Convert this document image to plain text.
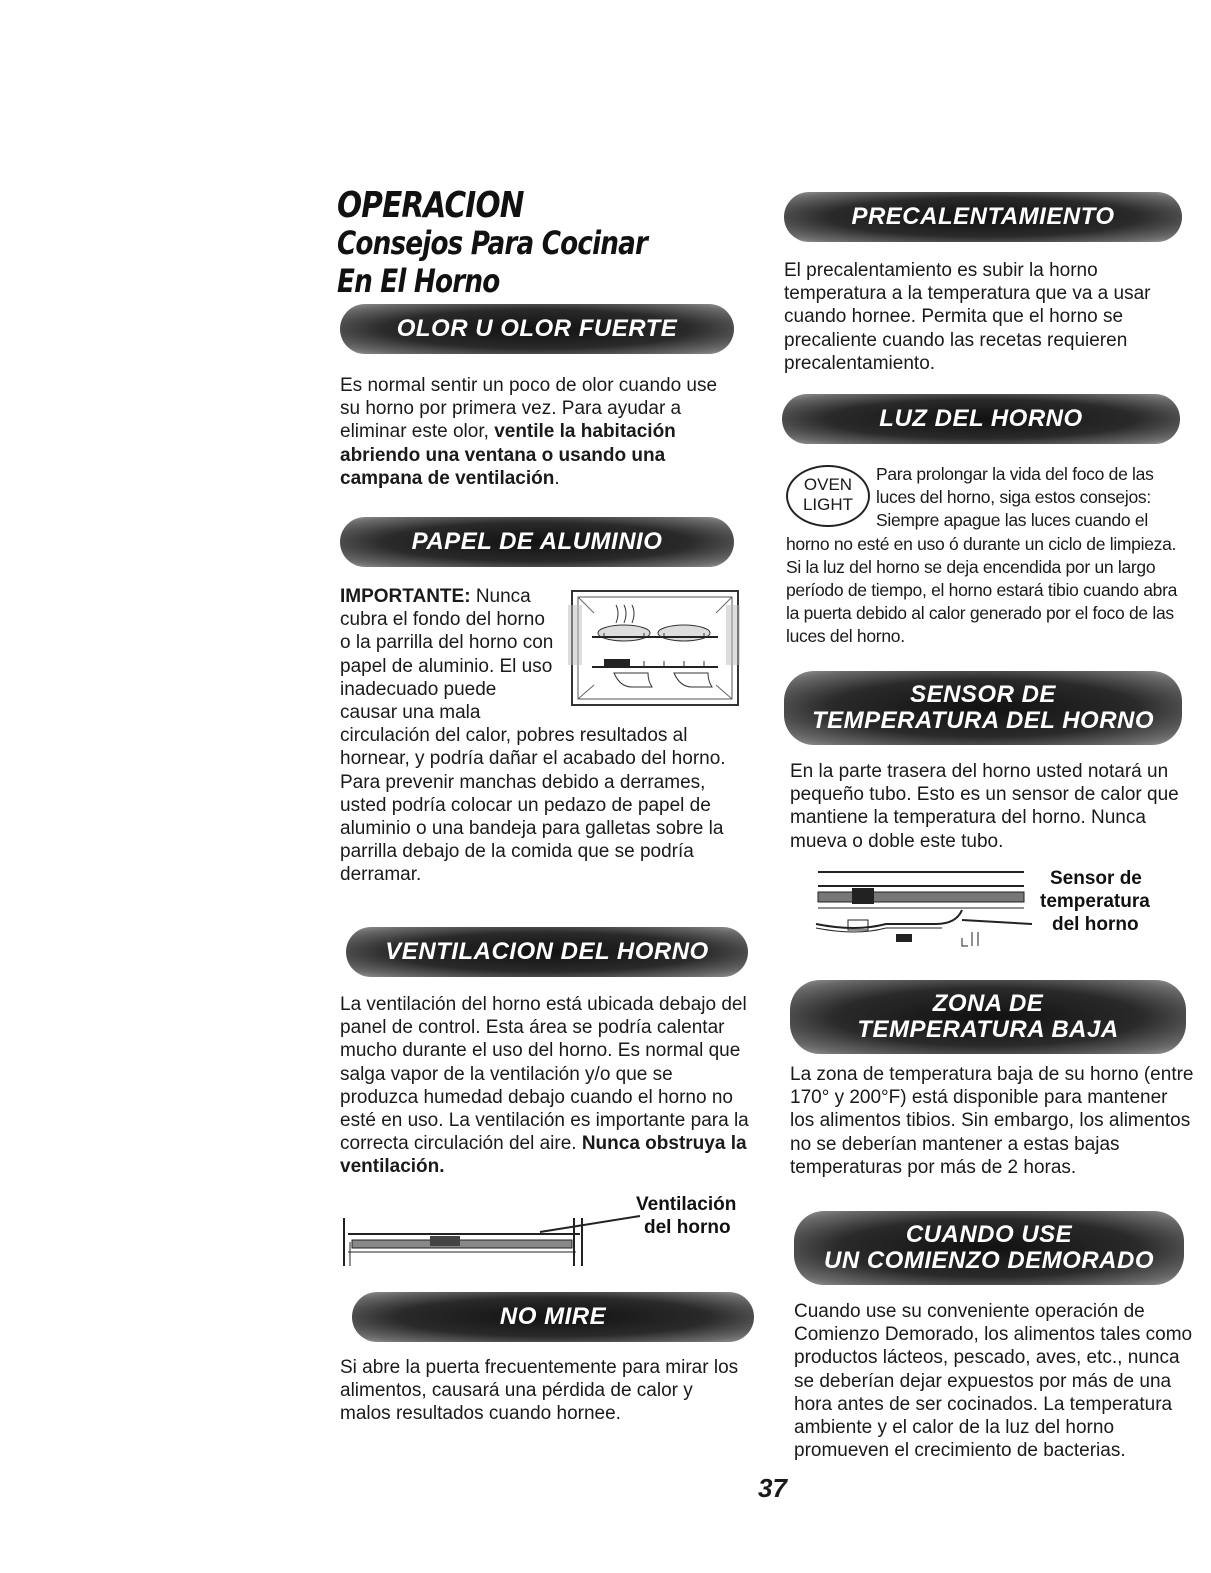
OPERACION
Consejos Para Cocinar
En El Horno
OLOR U OLOR FUERTE
Es normal sentir un poco de olor cuando use su horno por primera vez. Para ayudar a eliminar este olor, ventile la habitación abriendo una ventana o usando una campana de ventilación.
PAPEL DE ALUMINIO
IMPORTANTE: Nunca cubra el fondo del horno o la parrilla del horno con papel de aluminio. El uso inadecuado puede causar una mala circulación del calor, pobres resultados al hornear, y podría dañar el acabado del horno. Para prevenir manchas debido a derrames, usted podría colocar un pedazo de papel de aluminio o una bandeja para galletas sobre la parrilla debajo de la comida que se podría derramar.
VENTILACION DEL HORNO
La ventilación del horno está ubicada debajo del panel de control. Esta área se podría calentar mucho durante el uso del horno. Es normal que salga vapor de la ventilación y/o que se produzca humedad debajo cuando el horno no esté en uso. La ventilación es importante para la correcta circulación del aire. Nunca obstruya la ventilación.
Ventilación
del horno
NO MIRE
Si abre la puerta frecuentemente para mirar los alimentos, causará una pérdida de calor y malos resultados cuando hornee.
PRECALENTAMIENTO
El precalentamiento es subir la horno temperatura a la temperatura que va a usar cuando hornee. Permita que el horno se precaliente cuando las recetas requieren precalentamiento.
LUZ DEL HORNO
OVEN
LIGHT
Para prolongar la vida del foco de las luces del horno, siga estos consejos: Siempre apague las luces cuando el horno no esté en uso ó durante un ciclo de limpieza. Si la luz del horno se deja encendida por un largo período de tiempo, el horno estará tibio cuando abra la puerta debido al calor generado por el foco de las luces del horno.
SENSOR DE
TEMPERATURA DEL HORNO
En la parte trasera del horno usted notará un pequeño tubo. Esto es un sensor de calor que mantiene la temperatura del horno. Nunca mueva o doble este tubo.
Sensor de
temperatura
del horno
ZONA DE
TEMPERATURA BAJA
La zona de temperatura baja de su horno (entre 170° y 200°F) está disponible para mantener los alimentos tibios. Sin embargo, los alimentos no se deberían mantener a estas bajas temperaturas por más de 2 horas.
CUANDO USE
UN COMIENZO DEMORADO
Cuando use su conveniente operación de Comienzo Demorado, los alimentos tales como productos lácteos, pescado, aves, etc., nunca se deberían dejar expuestos por más de una hora antes de ser cocinados. La temperatura ambiente y el calor de la luz del horno promueven el crecimiento de bacterias.
37
